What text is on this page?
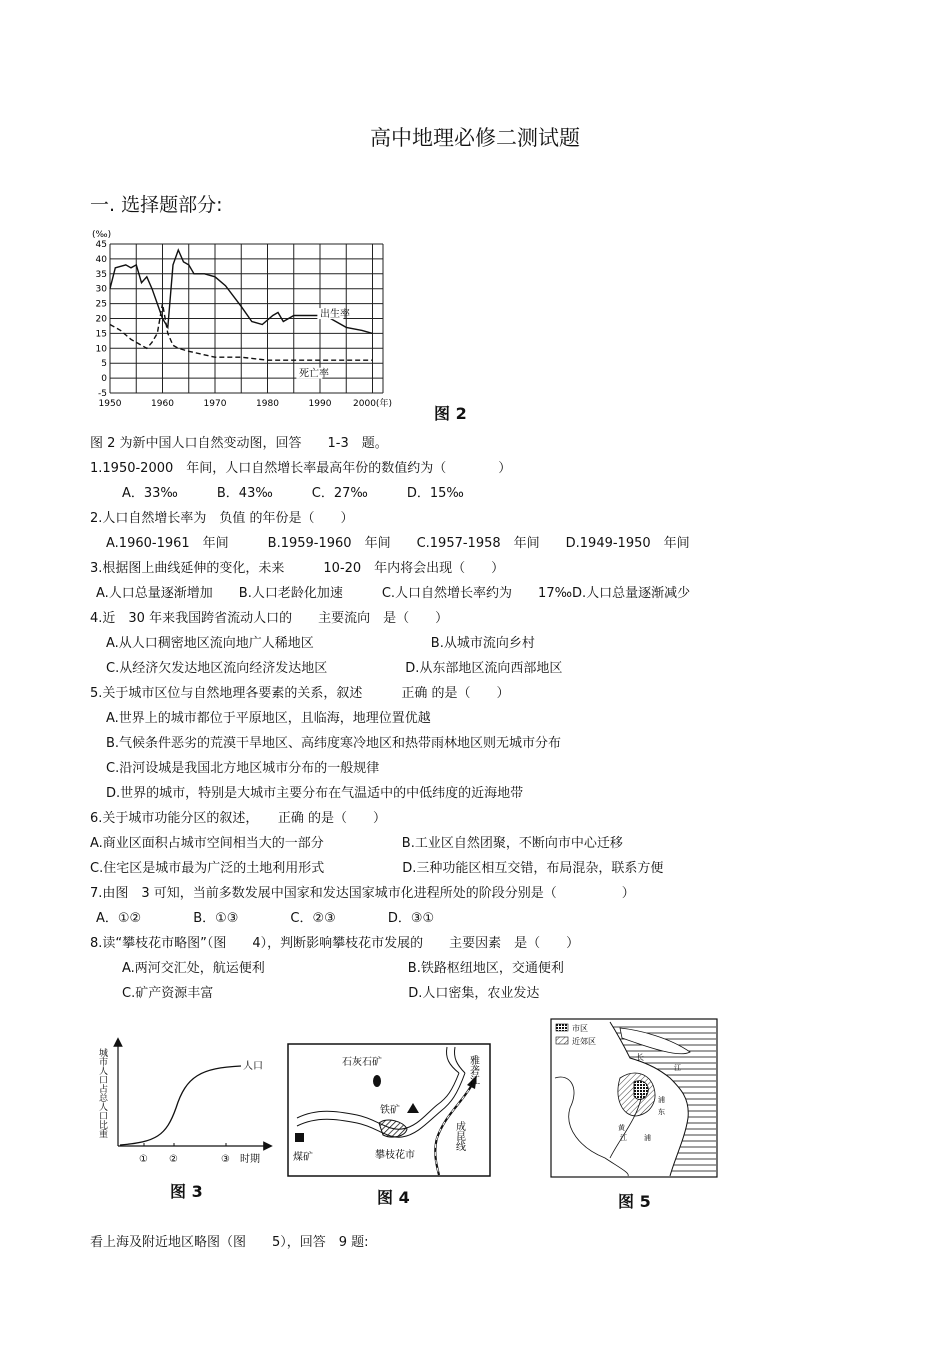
高中地理必修二测试题
一. 选择题部分:
45
40
35
30
25
20
15
10
5
0
-5
1950	1960	1970	1980	1990 2000(年)
(‰)
出生率
死亡率
图 2
图 2 为新中国人口自然变动图，回答　　1-3　题。
1.1950-2000　年间，人口自然增长率最高年份的数值约为（　　　　）
A．33‰　　　B．43‰　　　C．27‰　　　D．15‰
2.人口自然增长率为　负值 的年份是（　　）
A.1960-1961　年间　　　B.1959-1960　年间　　C.1957-1958　年间　　D.1949-1950　年间
3.根据图上曲线延伸的变化，未来　　　10-20　年内将会出现（　　）
A.人口总量逐渐增加　　B.人口老龄化加速　　　C.人口自然增长率约为　　17‰D.人口总量逐渐减少
4.近　30 年来我国跨省流动人口的　　主要流向　是（　　）
A.从人口稠密地区流向地广人稀地区　　　　　　　　　B.从城市流向乡村
C.从经济欠发达地区流向经济发达地区　　　　　　D.从东部地区流向西部地区
5.关于城市区位与自然地理各要素的关系，叙述　　　正确 的是（　　）
A.世界上的城市都位于平原地区，且临海，地理位置优越
B.气候条件恶劣的荒漠干旱地区、高纬度寒冷地区和热带雨林地区则无城市分布
C.沿河设城是我国北方地区城市分布的一般规律
D.世界的城市，特别是大城市主要分布在气温适中的中低纬度的近海地带
6.关于城市功能分区的叙述，　　正确 的是（　　）
A.商业区面积占城市空间相当大的一部分　　　　　　B.工业区自然团聚，不断向市中心迁移
C.住宅区是城市最为广泛的土地利用形式　　　　　　D.三种功能区相互交错，布局混杂，联系方便
7.由图　3 可知，当前多数发展中国家和发达国家城市化进程所处的阶段分别是（　　　　　）
A．①②　　　　B．①③　　　　C．②③　　　　D．③①
8.读“攀枝花市略图”（图　　4），判断影响攀枝花市发展的　　主要因素　是（　　）
A.两河交汇处，航运便利　　　　　　　　　　　B.铁路枢纽地区，交通便利
C.矿产资源丰富　　　　　　　　　　　　　　　D.人口密集，农业发达
人口
城市人口占总人口比重
① ②	③ 时期
图 3
石灰石矿
铁矿
煤矿	攀枝花市
雅砻江
成昆线
图 4
市区
近郊区
长
江
浦
东
黄
浦
江
图 5
看上海及附近地区略图（图　　5），回答　9 题:
